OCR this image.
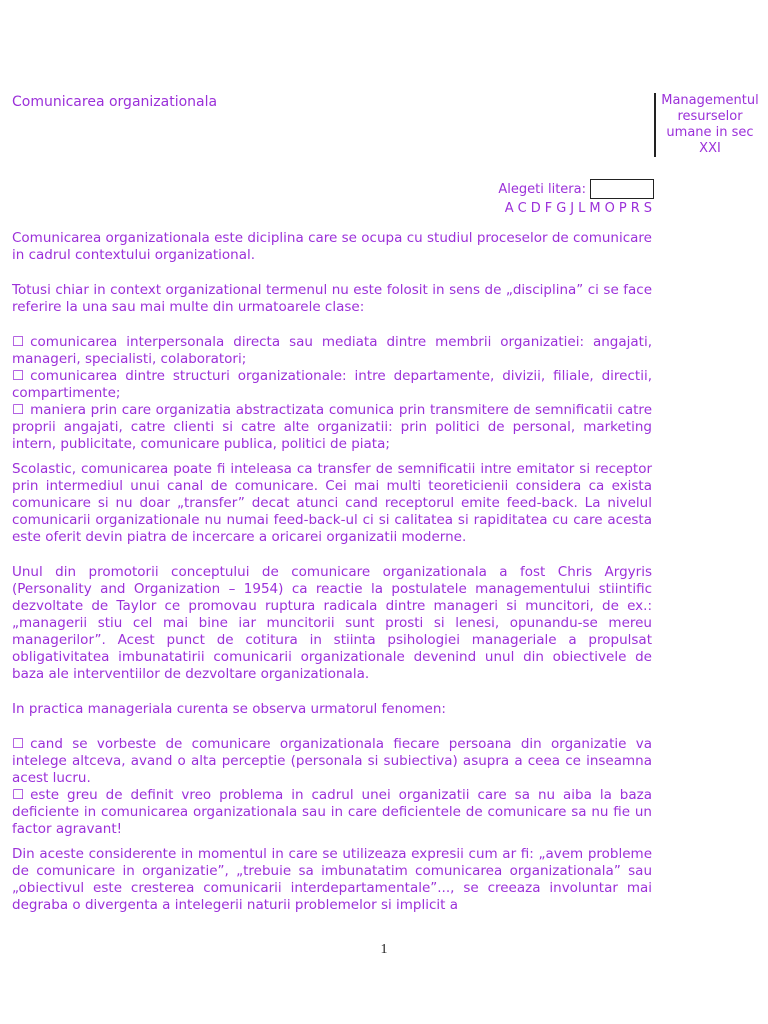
Comunicarea organizationala	Managementul resurselor umane in sec XXI
Alegeti litera:
A C D F G J L M O P R S

Comunicarea organizationala este diciplina care se ocupa cu studiul proceselor de comunicare in cadrul contextului organizational.

Totusi chiar in context organizational termenul nu este folosit in sens de „disciplina” ci se face referire la una sau mai multe din urmatoarele clase:

☐ comunicarea interpersonala directa sau mediata dintre membrii organizatiei: angajati, manageri, specialisti, colaboratori;

☐ comunicarea dintre structuri organizationale: intre departamente, divizii, filiale, directii, compartimente;

☐ maniera prin care organizatia abstractizata comunica prin transmitere de semnificatii catre proprii angajati, catre clienti si catre alte organizatii: prin politici de personal, marketing intern, publicitate, comunicare publica, politici de piata;

Scolastic, comunicarea poate fi inteleasa ca transfer de semnificatii intre emitator si receptor prin intermediul unui canal de comunicare. Cei mai multi teoreticienii considera ca exista comunicare si nu doar „transfer” decat atunci cand receptorul emite feed-back. La nivelul comunicarii organizationale nu numai feed-back-ul ci si calitatea si rapiditatea cu care acesta este oferit devin piatra de incercare a oricarei organizatii moderne.

Unul din promotorii conceptului de comunicare organizationala a fost Chris Argyris (Personality and Organization – 1954) ca reactie la postulatele managementului stiintific dezvoltate de Taylor ce promovau ruptura radicala dintre manageri si muncitori, de ex.: „managerii stiu cel mai bine iar muncitorii sunt prosti si lenesi, opunandu-se mereu managerilor”. Acest punct de cotitura in stiinta psihologiei manageriale a propulsat obligativitatea imbunatatirii comunicarii organizationale devenind unul din obiectivele de baza ale interventiilor de dezvoltare organizationala.

In practica manageriala curenta se observa urmatorul fenomen:

☐ cand se vorbeste de comunicare organizationala fiecare persoana din organizatie va intelege altceva, avand o alta perceptie (personala si subiectiva) asupra a ceea ce inseamna acest lucru.

☐ este greu de definit vreo problema in cadrul unei organizatii care sa nu aiba la baza deficiente in comunicarea organizationala sau in care deficientele de comunicare sa nu fie un factor agravant!

Din aceste considerente in momentul in care se utilizeaza expresii cum ar fi: „avem probleme de comunicare in organizatie”, „trebuie sa imbunatatim comunicarea organizationala” sau „obiectivul este cresterea comunicarii interdepartamentale”..., se creeaza involuntar mai degraba o divergenta a intelegerii naturii problemelor si implicit a

1
